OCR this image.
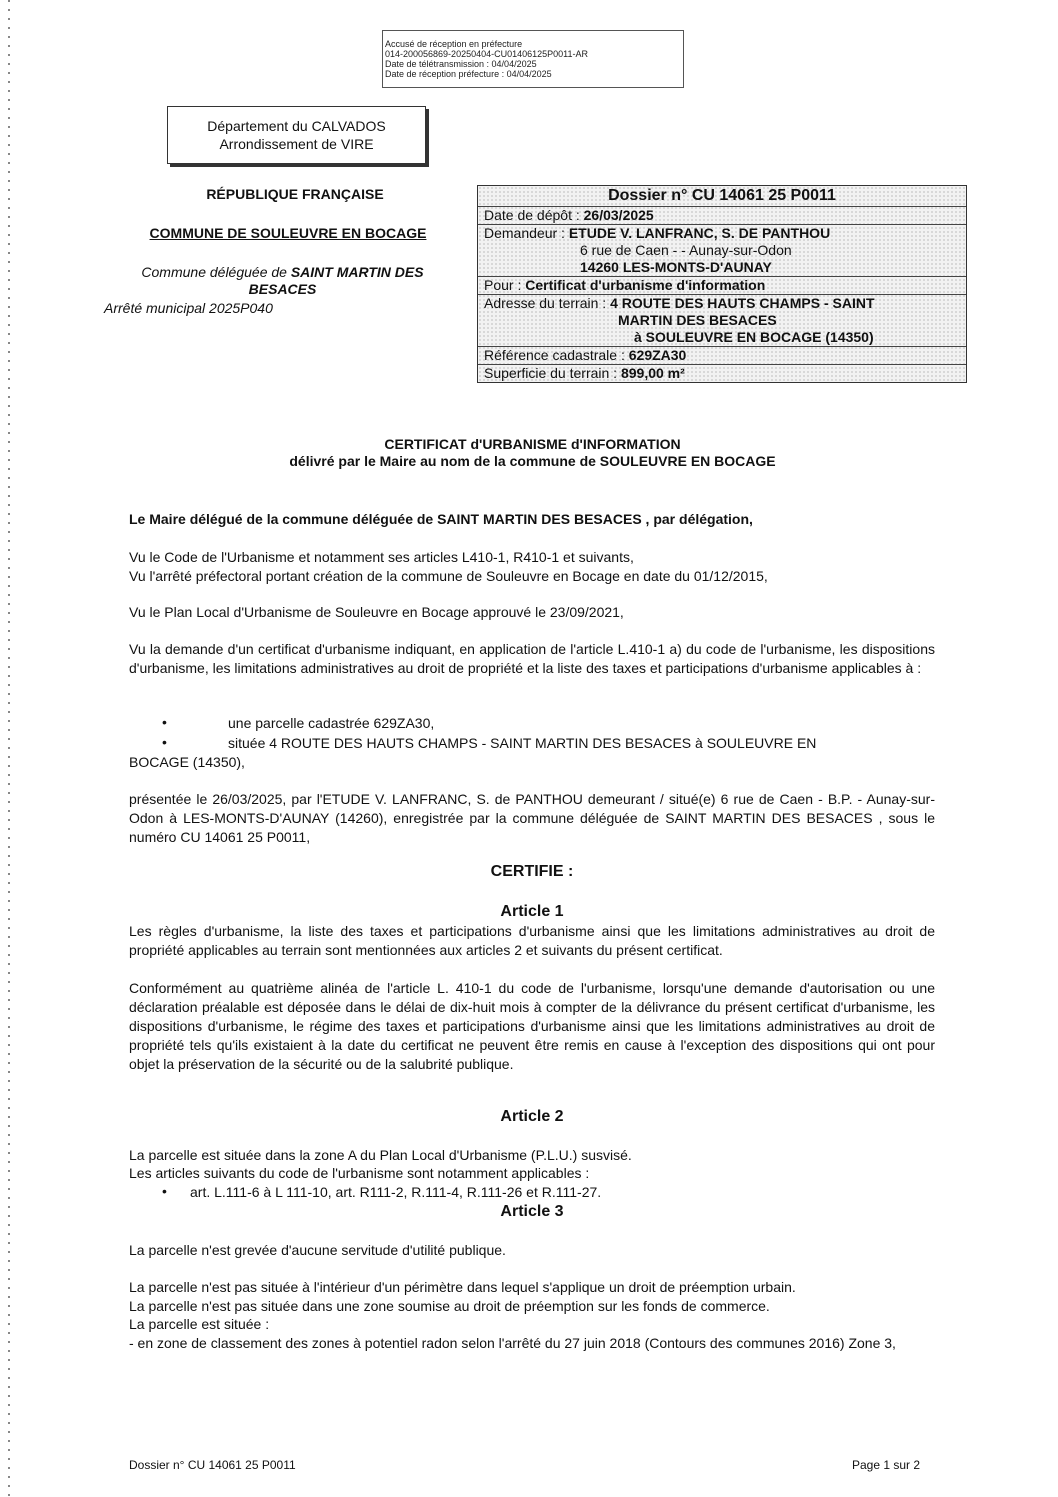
Accusé de réception en préfecture
014-200056869-20250404-CU01406125P0011-AR
Date de télétransmission : 04/04/2025
Date de réception préfecture : 04/04/2025
Département du CALVADOS
Arrondissement de VIRE
RÉPUBLIQUE FRANÇAISE
COMMUNE DE SOULEUVRE EN BOCAGE
Commune déléguée de SAINT MARTIN DES BESACES
Arrêté municipal 2025P040
Dossier n° CU 14061 25 P0011
Date de dépôt : 26/03/2025
Demandeur : ETUDE V. LANFRANC, S. DE PANTHOU
6 rue de Caen - - Aunay-sur-Odon
14260 LES-MONTS-D'AUNAY
Pour : Certificat d'urbanisme d'information
Adresse du terrain : 4 ROUTE DES HAUTS CHAMPS - SAINT
MARTIN DES BESACES
à SOULEUVRE EN BOCAGE (14350)
Référence cadastrale : 629ZA30
Superficie du terrain : 899,00 m²
CERTIFICAT d'URBANISME d'INFORMATION
délivré par le Maire au nom de la commune de SOULEUVRE EN BOCAGE
Le Maire délégué de la commune déléguée de SAINT MARTIN DES BESACES , par délégation,
Vu le Code de l'Urbanisme et notamment ses articles L410-1, R410-1 et suivants,
Vu l'arrêté préfectoral portant création de la commune de Souleuvre en Bocage en date du 01/12/2015,
Vu le Plan Local d'Urbanisme de Souleuvre en Bocage approuvé le 23/09/2021,
Vu la demande d'un certificat d'urbanisme indiquant, en application de l'article L.410-1 a) du code de l'urbanisme, les dispositions d'urbanisme, les limitations administratives au droit de propriété et la liste des taxes et participations d'urbanisme applicables à :
•	une parcelle cadastrée 629ZA30,
•	située 4 ROUTE DES HAUTS CHAMPS - SAINT MARTIN DES BESACES à SOULEUVRE EN
BOCAGE (14350),
présentée le 26/03/2025, par l'ETUDE V. LANFRANC, S. de PANTHOU demeurant / situé(e) 6 rue de Caen - B.P. - Aunay-sur-Odon à LES-MONTS-D'AUNAY (14260), enregistrée par la commune déléguée de SAINT MARTIN DES BESACES , sous le numéro CU 14061 25 P0011,
CERTIFIE :
Article 1
Les règles d'urbanisme, la liste des taxes et participations d'urbanisme ainsi que les limitations administratives au droit de propriété applicables au terrain sont mentionnées aux articles 2 et suivants du présent certificat.
Conformément au quatrième alinéa de l'article L. 410-1 du code de l'urbanisme, lorsqu'une demande d'autorisation ou une déclaration préalable est déposée dans le délai de dix-huit mois à compter de la délivrance du présent certificat d'urbanisme, les dispositions d'urbanisme, le régime des taxes et participations d'urbanisme ainsi que les limitations administratives au droit de propriété tels qu'ils existaient à la date du certificat ne peuvent être remis en cause à l'exception des dispositions qui ont pour objet la préservation de la sécurité ou de la salubrité publique.
Article 2
La parcelle est située dans la zone A du Plan Local d'Urbanisme (P.L.U.) susvisé.
Les articles suivants du code de l'urbanisme sont notamment applicables :
• art. L.111-6 à L 111-10, art. R111-2, R.111-4, R.111-26 et R.111-27.
Article 3
La parcelle n'est grevée d'aucune servitude d'utilité publique.
La parcelle n'est pas située à l'intérieur d'un périmètre dans lequel s'applique un droit de préemption urbain.
La parcelle n'est pas située dans une zone soumise au droit de préemption sur les fonds de commerce.
La parcelle est située :
- en zone de classement des zones à potentiel radon selon l'arrêté du 27 juin 2018 (Contours des communes 2016) Zone 3,
Dossier n° CU 14061 25 P0011	Page 1 sur 2
